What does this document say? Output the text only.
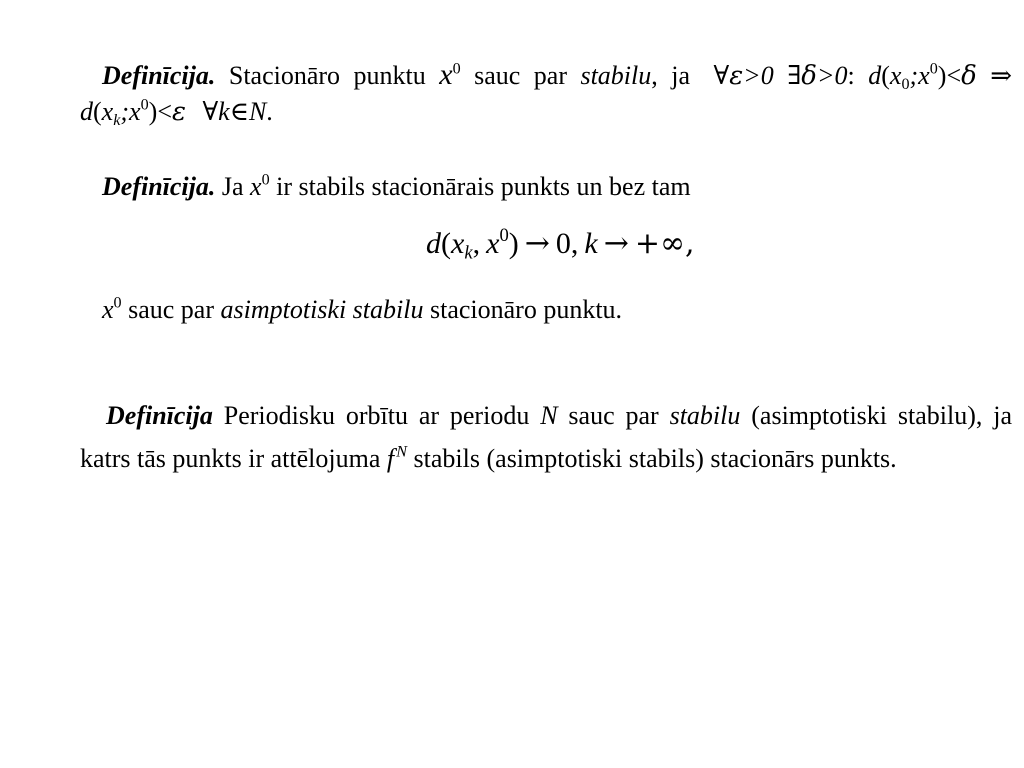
Definīcija. Stacionāro punktu $x^0$ sauc par stabilu, ja ∀ε>0 ∃δ>0: $d(x_0;x^0)<\delta$ ⇒ $d(x_k;x^0)<\varepsilon$ ∀k∈N.

Definīcija. Ja $x^0$ ir stabils stacionārais punkts un bez tam

$d(x_k$,  $x^0) \to 0$,  k  →  +∞,

$x^0$ sauc par asimptotiski stabilu stacionāro punktu.

Definīcija Periodisku orbītu ar periodu N sauc par stabilu (asimptotiski stabilu), ja katrs tās punkts ir attēlojuma f  $^N$ stabils (asimptotiski stabils) stacionārs punkts.
